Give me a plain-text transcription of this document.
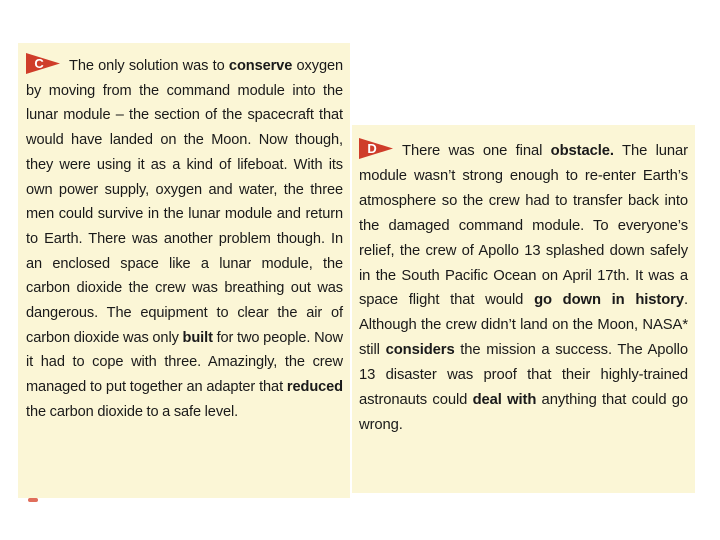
C The only solution was to conserve oxygen by moving from the command module into the lunar module – the section of the spacecraft that would have landed on the Moon. Now though, they were using it as a kind of lifeboat. With its own power supply, oxygen and water, the three men could survive in the lunar module and return to Earth. There was another problem though. In an enclosed space like a lunar module, the carbon dioxide the crew was breathing out was dangerous. The equipment to clear the air of carbon dioxide was only built for two people. Now it had to cope with three. Amazingly, the crew managed to put together an adapter that reduced the carbon dioxide to a safe level.

D There was one final obstacle. The lunar module wasn’t strong enough to re-enter Earth’s atmosphere so the crew had to transfer back into the damaged command module. To everyone’s relief, the crew of Apollo 13 splashed down safely in the South Pacific Ocean on April 17th. It was a space flight that would go down in history. Although the crew didn’t land on the Moon, NASA* still considers the mission a success. The Apollo 13 disaster was proof that their highly-trained astronauts could deal with anything that could go wrong.
